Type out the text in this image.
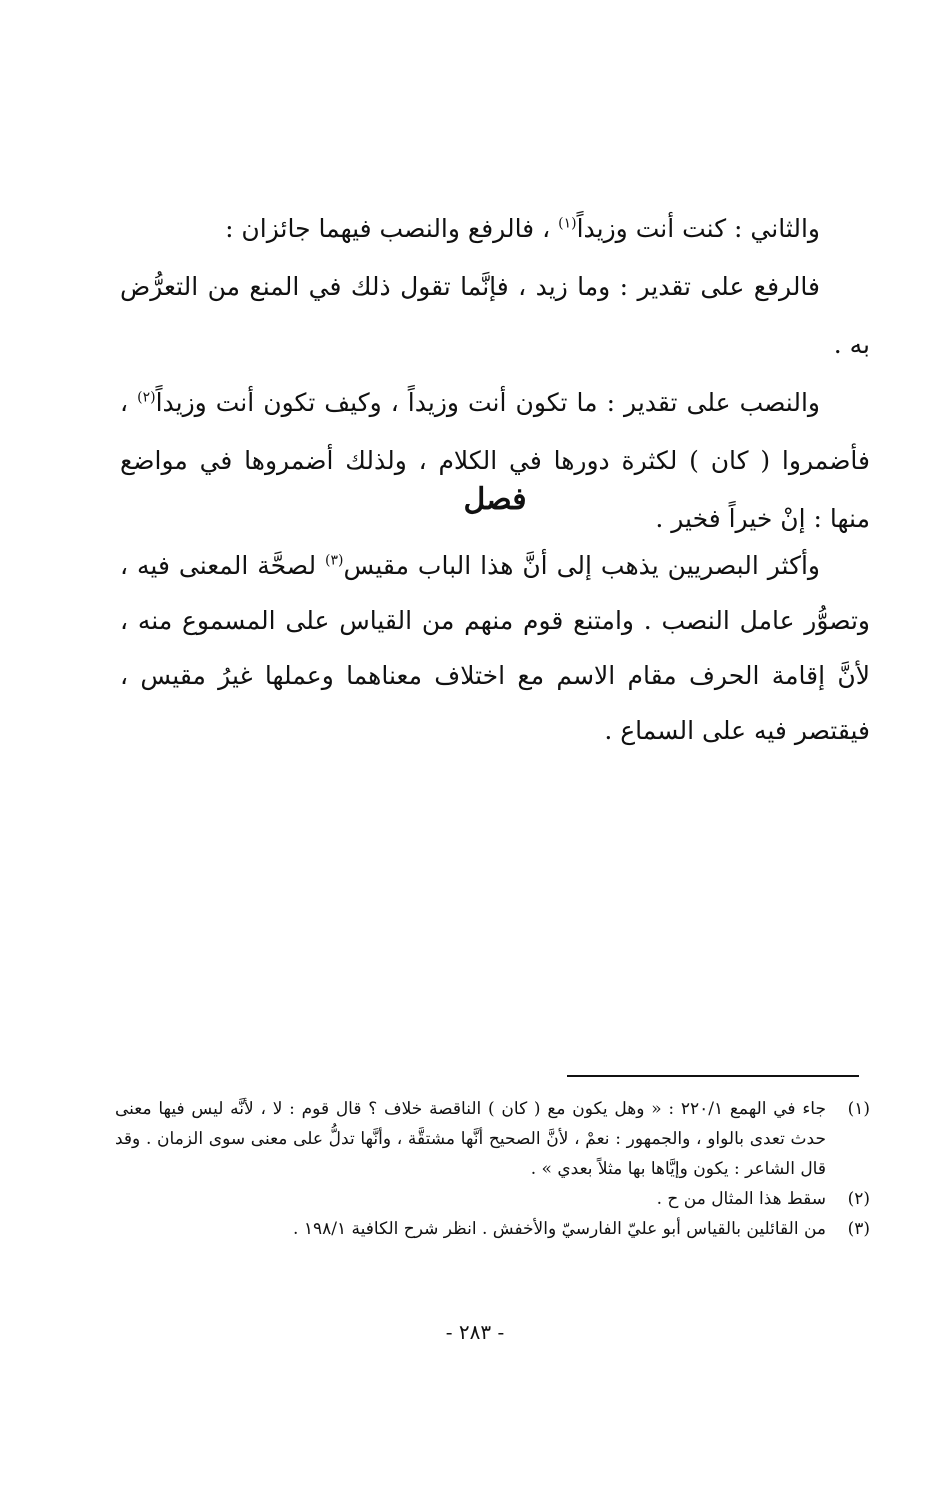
والثاني : كنت أنت وزيداً$^{(١)}$ ، فالرفع والنصب فيهما جائزان :

فالرفع على تقدير : وما زيد ، فإنَّما تقول ذلك في المنع من التعرُّض به .

والنصب على تقدير : ما تكون أنت وزيداً ، وكيف تكون أنت وزيداً$^{(٢)}$ ، فأضمروا ( كان ) لكثرة دورها في الكلام ، ولذلك أضمروها في مواضع منها : إنْ خيراً فخير .

فصل

وأكثر البصريين يذهب إلى أنَّ هذا الباب مقيس$^{(٣)}$ لصحَّة المعنى فيه ، وتصوُّر عامل النصب . وامتنع قوم منهم من القياس على المسموع منه ، لأنَّ إقامة الحرف مقام الاسم مع اختلاف معناهما وعملها غيرُ مقيس ، فيقتصر فيه على السماع .

(١)
جاء في الهمع ٢٢٠/١ : « وهل يكون مع ( كان ) الناقصة خلاف ؟ قال قوم : لا ، لأنَّه ليس فيها معنى حدث تعدى بالواو ، والجمهور : نعمْ ، لأنَّ الصحيح أنَّها مشتقَّة ، وأنَّها تدلُّ على معنى سوى الزمان . وقد قال الشاعر : يكون وإيَّاها بها مثلاً بعدي » .
(٢)
سقط هذا المثال من ح .
(٣)
من القائلين بالقياس أبو عليّ الفارسيّ والأخفش . انظر شرح الكافية ١٩٨/١ .
- ٢٨٣ -
